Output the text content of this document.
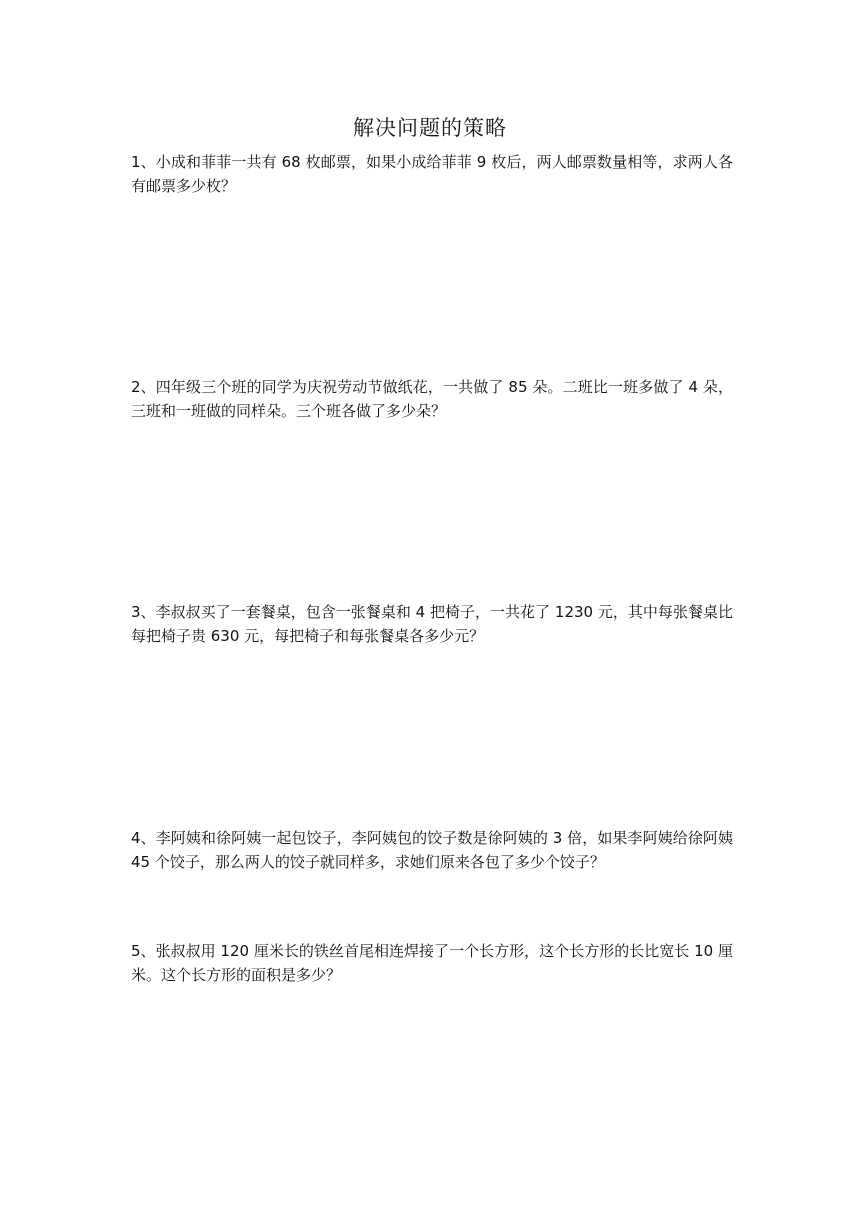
解决问题的策略
1、小成和菲菲一共有 68 枚邮票，如果小成给菲菲 9 枚后，两人邮票数量相等，求两人各有邮票多少枚？
2、四年级三个班的同学为庆祝劳动节做纸花，一共做了 85 朵。二班比一班多做了 4 朵，三班和一班做的同样朵。三个班各做了多少朵？
3、李叔叔买了一套餐桌，包含一张餐桌和 4 把椅子，一共花了 1230 元，其中每张餐桌比每把椅子贵 630 元，每把椅子和每张餐桌各多少元？
4、李阿姨和徐阿姨一起包饺子，李阿姨包的饺子数是徐阿姨的 3 倍，如果李阿姨给徐阿姨 45 个饺子，那么两人的饺子就同样多，求她们原来各包了多少个饺子？
5、张叔叔用 120 厘米长的铁丝首尾相连焊接了一个长方形，这个长方形的长比宽长 10 厘米。这个长方形的面积是多少？
